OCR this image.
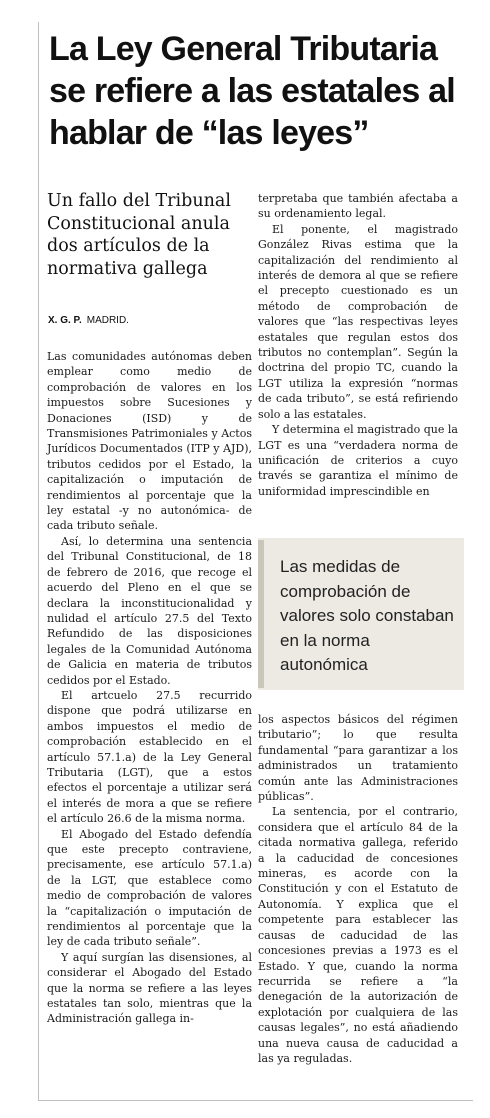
La Ley General Tributaria se refiere a las estatales al hablar de “las leyes”

Un fallo del Tribunal Constitucional anula dos artículos de la normativa gallega

X. G. P. MADRID.

Las comunidades autónomas deben emplear como medio de comprobación de valores en los impuestos sobre Sucesiones y Donaciones (ISD) y de Transmisiones Patrimoniales y Actos Jurídicos Documentados (ITP y AJD), tributos cedidos por el Estado, la capitalización o imputación de rendimientos al porcentaje que la ley estatal -y no autonómica- de cada tributo señale.

Así, lo determina una sentencia del Tribunal Constitucional, de 18 de febrero de 2016, que recoge el acuerdo del Pleno en el que se declara la inconstitucionalidad y nulidad el artículo 27.5 del Texto Refundido de las disposiciones legales de la Comunidad Autónoma de Galicia en materia de tributos cedidos por el Estado.

El artcuelo 27.5 recurrido dispone que podrá utilizarse en ambos impuestos el medio de comprobación establecido en el artículo 57.1.a) de la Ley General Tributaria (LGT), que a estos efectos el porcentaje a utilizar será el interés de mora a que se refiere el artículo 26.6 de la misma norma.

El Abogado del Estado defendía que este precepto contraviene, precisamente, ese artículo 57.1.a) de la LGT, que establece como medio de comprobación de valores la “capitalización o imputación de rendimientos al porcentaje que la ley de cada tributo señale”.

Y aquí surgían las disensiones, al considerar el Abogado del Estado que la norma se refiere a las leyes estatales tan solo, mientras que la Administración gallega in-

terpretaba que también afectaba a su ordenamiento legal.

El ponente, el magistrado González Rivas estima que la capitalización del rendimiento al interés de demora al que se refiere el precepto cuestionado es un método de comprobación de valores que “las respectivas leyes estatales que regulan estos dos tributos no contemplan”. Según la doctrina del propio TC, cuando la LGT utiliza la expresión “normas de cada tributo”, se está refiriendo solo a las estatales.

Y determina el magistrado que la LGT es una “verdadera norma de unificación de criterios a cuyo través se garantiza el mínimo de uniformidad imprescindible en

Las medidas de comprobación de valores solo constaban en la norma autonómica

los aspectos básicos del régimen tributario”; lo que resulta fundamental “para garantizar a los administrados un tratamiento común ante las Administraciones públicas”.

La sentencia, por el contrario, considera que el artículo 84 de la citada normativa gallega, referido a la caducidad de concesiones mineras, es acorde con la Constitución y con el Estatuto de Autonomía. Y explica que el competente para establecer las causas de caducidad de las concesiones previas a 1973 es el Estado. Y que, cuando la norma recurrida se refiere a “la denegación de la autorización de explotación por cualquiera de las causas legales”, no está añadiendo una nueva causa de caducidad a las ya reguladas.
